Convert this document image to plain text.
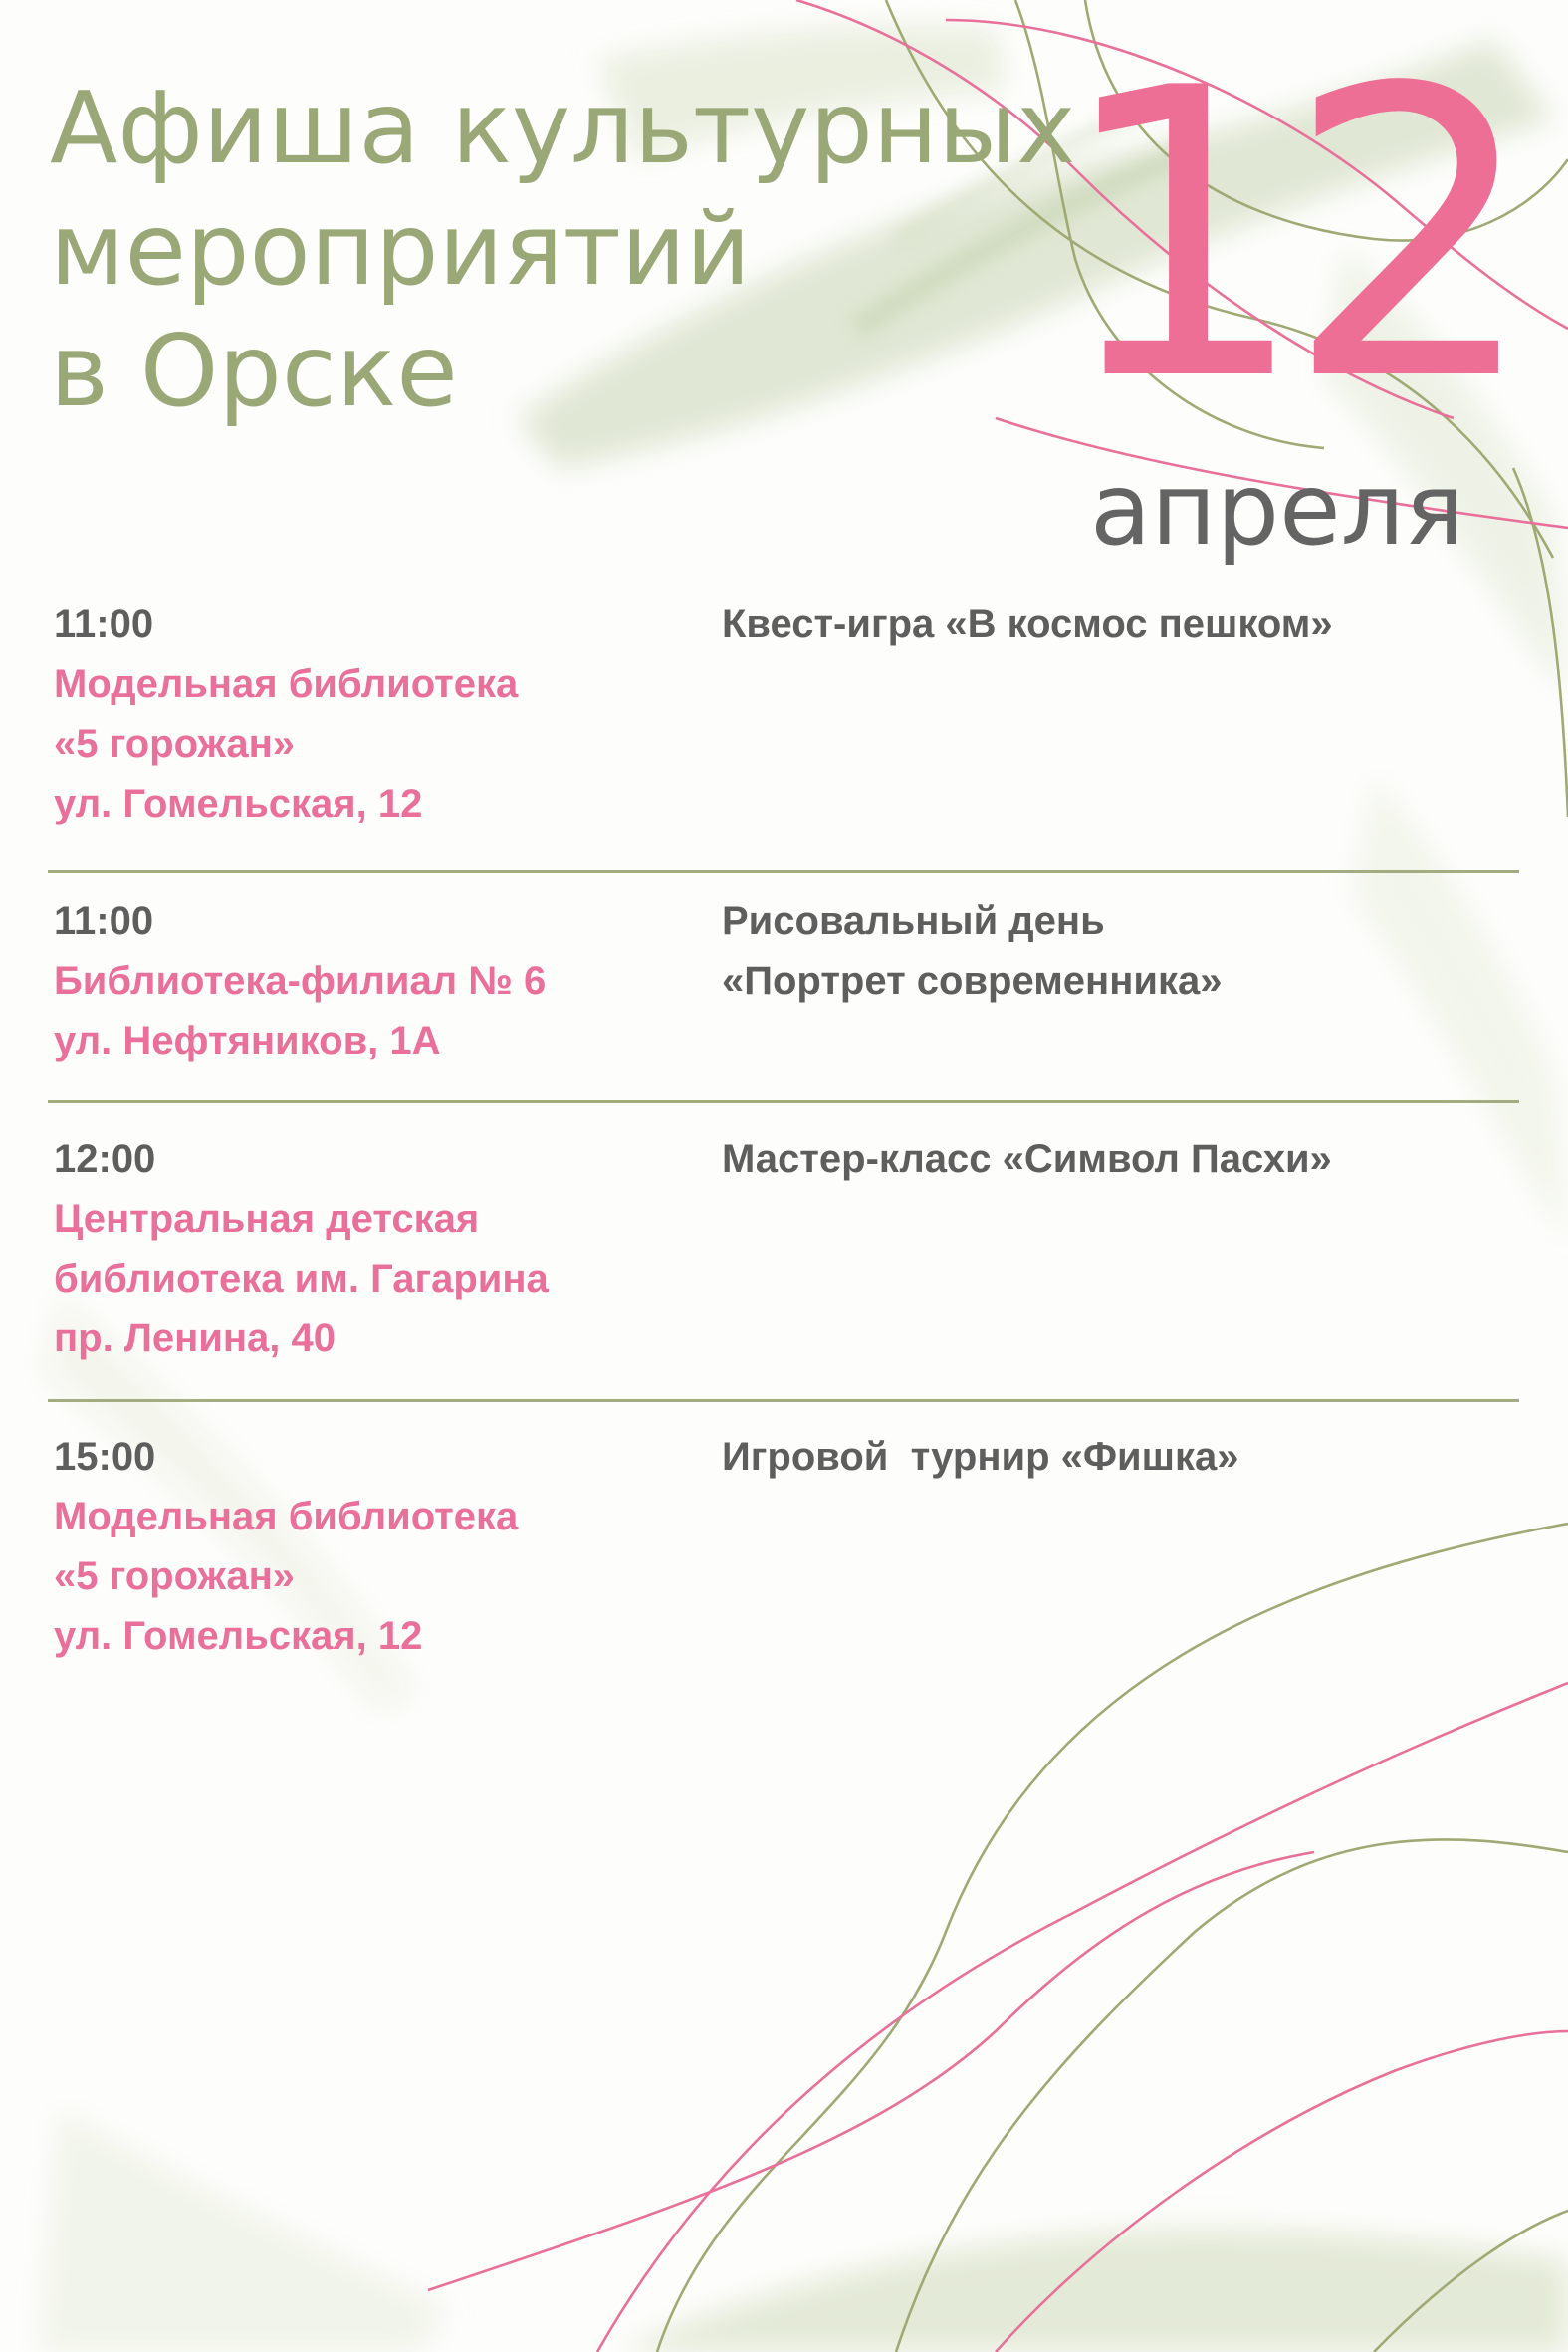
Афиша культурных
мероприятий
в Орске	12
апреля
11:00
Модельная библиотека
«5 горожан»
ул. Гомельская, 12
Квест-игра «В космос пешком»
11:00
Библиотека-филиал № 6
ул. Нефтяников, 1А
Рисовальный день
«Портрет современника»
12:00
Центральная детская
библиотека им. Гагарина
пр. Ленина, 40
Мастер-класс «Символ Пасхи»
15:00
Модельная библиотека
«5 горожан»
ул. Гомельская, 12
Игровой  турнир «Фишка»
